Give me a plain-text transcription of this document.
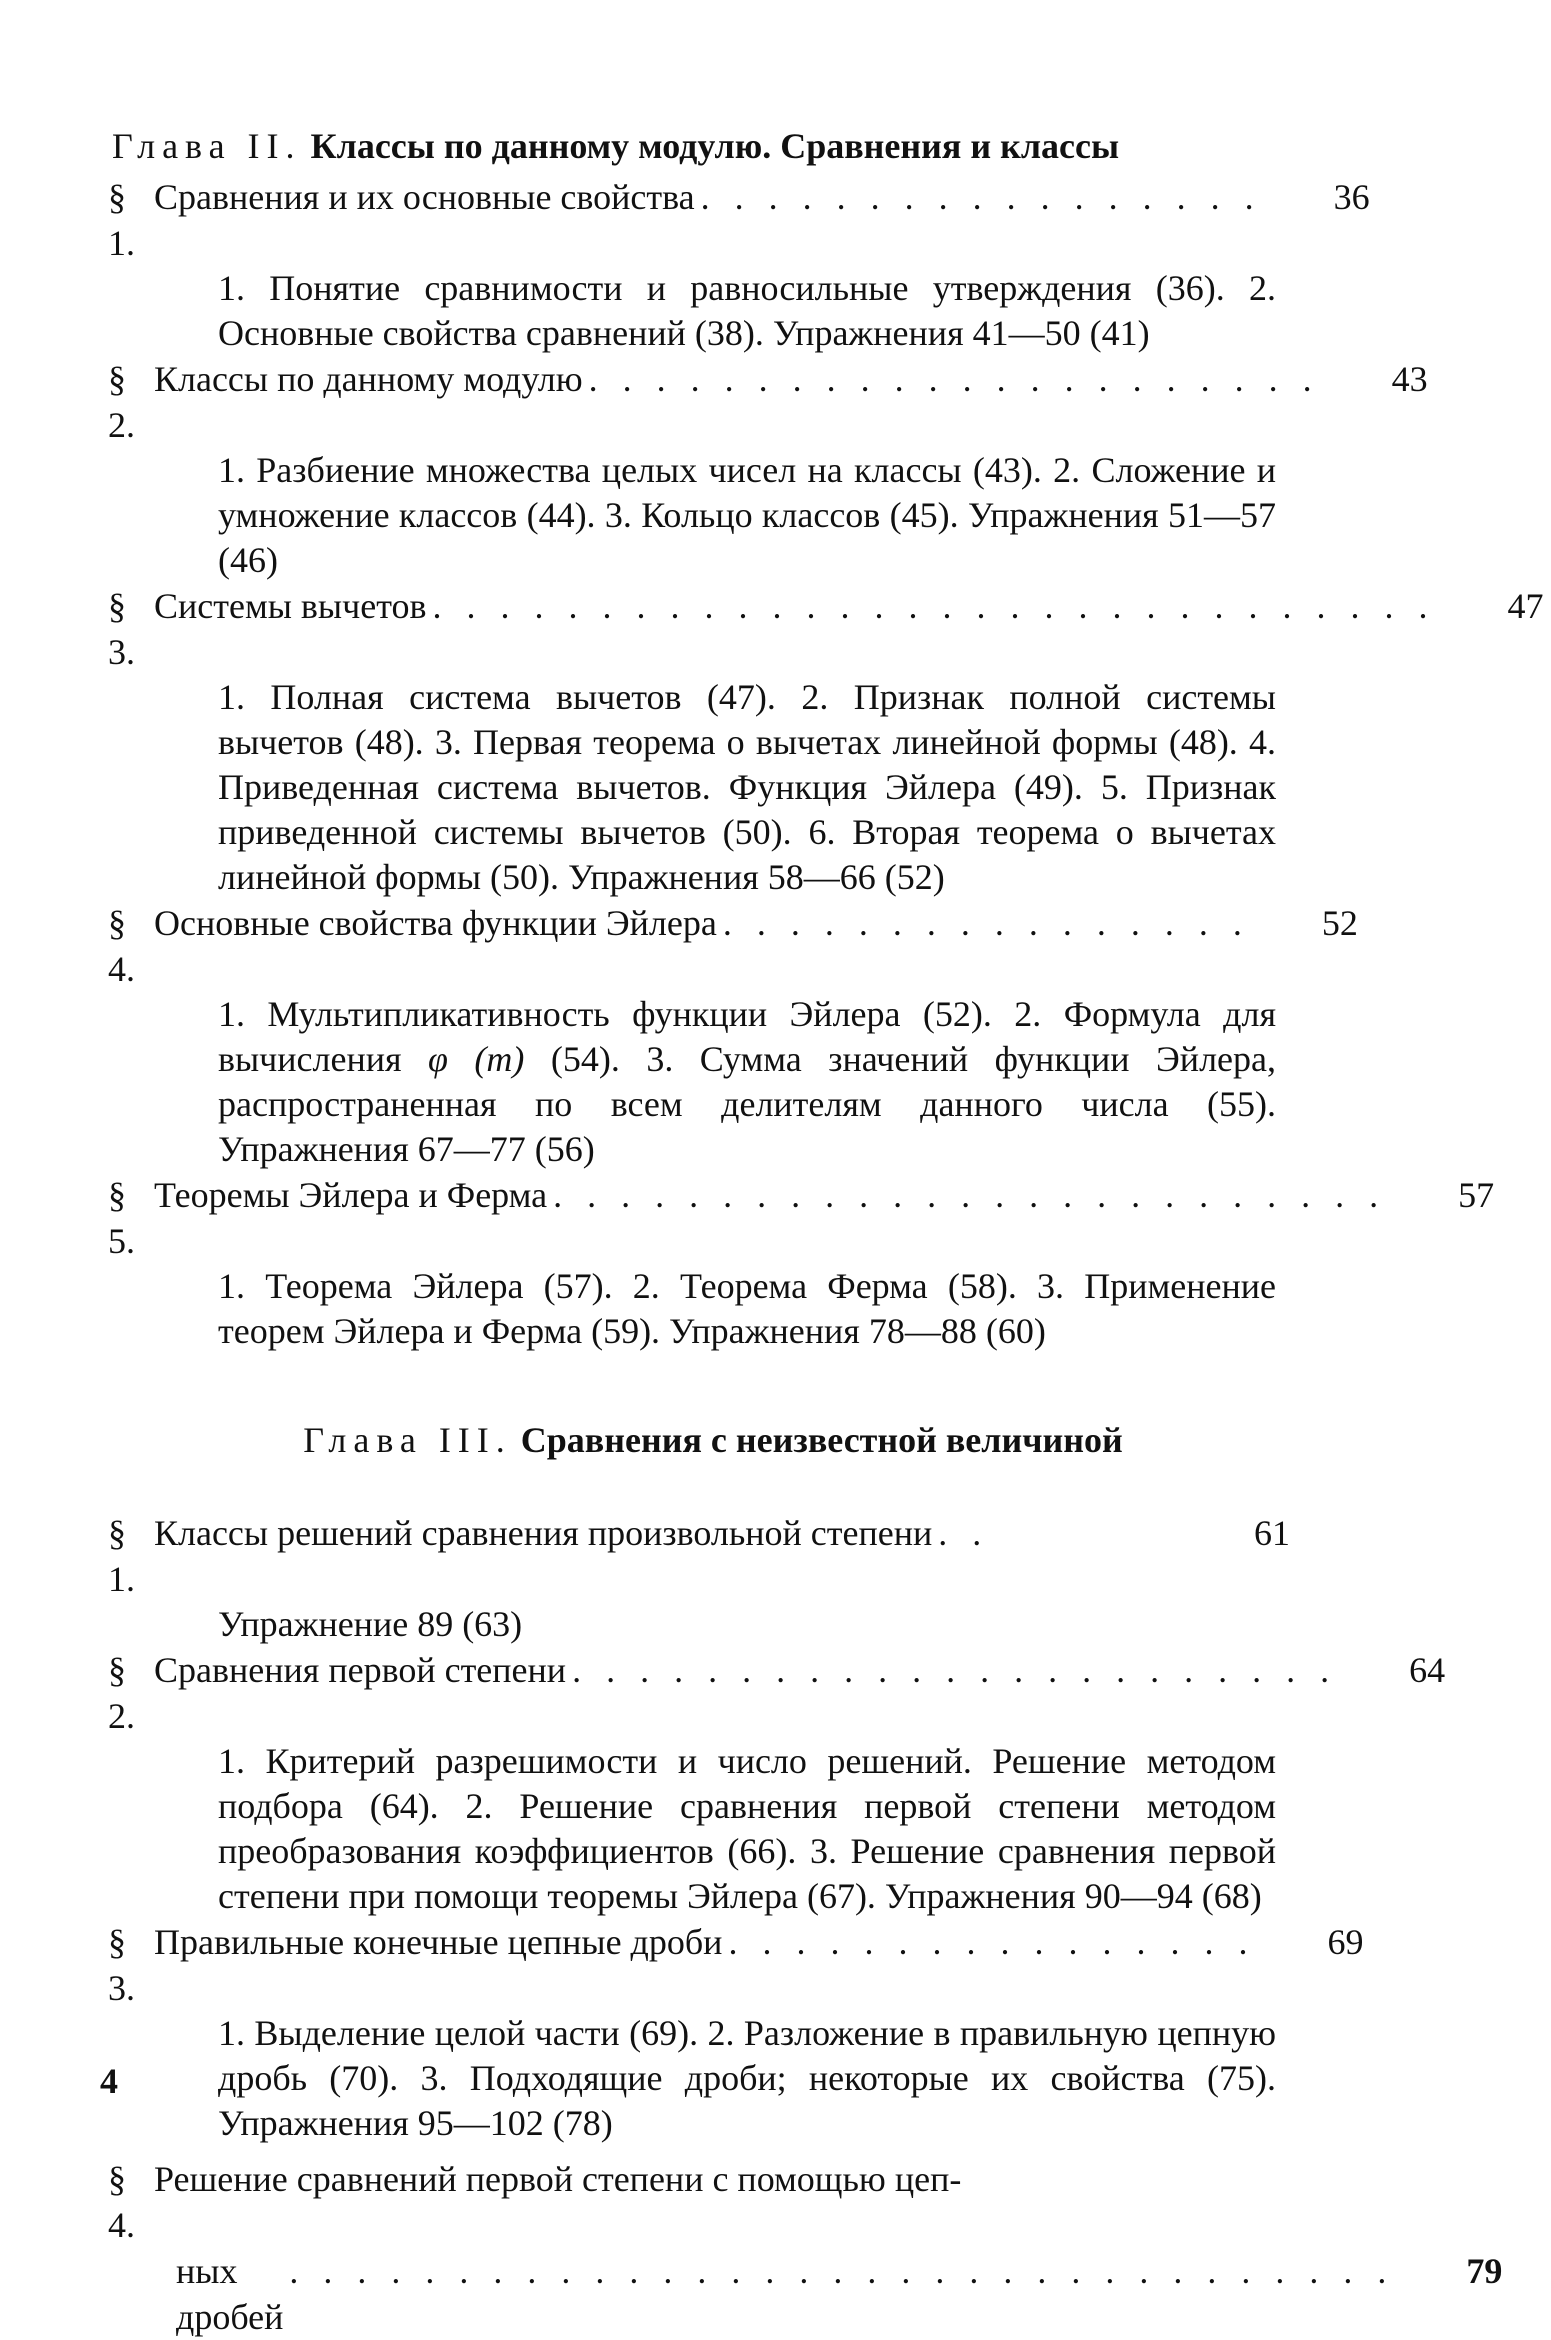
Глава II. Классы по данному модулю. Сравнения и классы
§ 1.
Сравнения и их основные свойства . . . . . . . . . . . . . . . . .	36
1. Понятие сравнимости и равносильные утверждения (36). 2. Основные свойства сравнений (38). Упражнения 41—50 (41)
§ 2.
Классы по данному модулю . . . . . . . . . . . . . . . . . . . . . .	43
1. Разбиение множества целых чисел на классы (43). 2. Сложение и умножение классов (44). 3. Кольцо классов (45). Упражнения 51—57 (46)
§ 3.
Системы вычетов . . . . . . . . . . . . . . . . . . . . . . . . . . . . . .	47
1. Полная система вычетов (47). 2. Признак полной системы вычетов (48). 3. Первая теорема о вычетах линейной формы (48). 4. Приведенная система вычетов. Функция Эйлера (49). 5. Признак приведенной системы вычетов (50). 6. Вторая теорема о вычетах линейной формы (50). Упражнения 58—66 (52)
§ 4.
Основные свойства функции Эйлера . . . . . . . . . . . . . . . .	52
1. Мультипликативность функции Эйлера (52). 2. Формула для вычисления φ (m) (54). 3. Сумма значений функции Эйлера, распространенная по всем делителям данного числа (55). Упражнения 67—77 (56)
§ 5.
Теоремы Эйлера и Ферма . . . . . . . . . . . . . . . . . . . . . . . . .	57
1. Теорема Эйлера (57). 2. Теорема Ферма (58). 3. Применение теорем Эйлера и Ферма (59). Упражнения 78—88 (60)
Глава III. Сравнения с неизвестной величиной
§ 1.
Классы решений сравнения произвольной степени . .	61
Упражнение 89 (63)
§ 2.
Сравнения первой степени . . . . . . . . . . . . . . . . . . . . . . .	64
1. Критерий разрешимости и число решений. Решение методом подбора (64). 2. Решение сравнения первой степени методом преобразования коэффициентов (66). 3. Решение сравнения первой степени при помощи теоремы Эйлера (67). Упражнения 90—94 (68)
§ 3.
Правильные конечные цепные дроби . . . . . . . . . . . . . . . .	69
1. Выделение целой части (69). 2. Разложение в правильную цепную дробь (70). 3. Подходящие дроби; некоторые их свойства (75). Упражнения 95—102 (78)
§ 4.
Решение сравнений первой степени с помощью цеп-
ных дробей
. . . . . . . . . . . . . . . . . . . . . . . . . . . . . . . . .	79
4
